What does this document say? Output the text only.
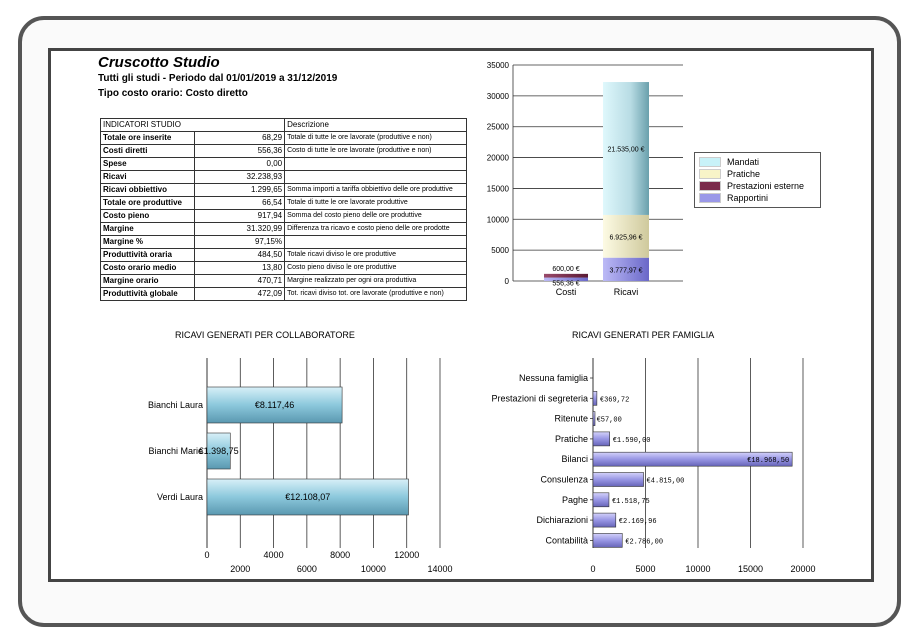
Cruscotto Studio
Tutti gli studi - Periodo dal 01/01/2019 a 31/12/2019
Tipo costo orario: Costo diretto
INDICATORI STUDIO		Descrizione
Totale ore inserite	68,29	Totale di tutte le ore lavorate (produttive e non)
Costi diretti	556,36	Costo di tutte le ore lavorate (produttive e non)
Spese	0,00	
Ricavi	32.238,93	
Ricavi obbiettivo	1.299,65	Somma importi a tariffa obbiettivo delle ore produttive
Totale ore produttive	66,54	Totale di tutte le ore lavorate produttive
Costo pieno	917,94	Somma del costo pieno delle ore produttive
Margine	31.320,99	Differenza tra ricavo e costo pieno delle ore prodotte
Margine %	97,15%	
Produttività oraria	484,50	Totale ricavi diviso le ore produttive
Costo orario medio	13,80	Costo pieno diviso le ore produttive
Margine orario	470,71	Margine realizzato per ogni ora produttiva
Produttività globale	472,09	Tot. ricavi diviso tot. ore lavorate (produttive e non)
RICAVI GENERATI PER COLLABORATORE	RICAVI GENERATI PER FAMIGLIA
Mandati
Pratiche
Prestazioni esterne
Rapportini
0
5000
10000
15000
20000
25000
30000
35000
556,36 €
600,00 €
Costi
3.777,97 €
6.925,96 €
21.535,00 €
Ricavi
0
2000
4000
6000
8000
10000
12000
14000
Bianchi Laura	€8.117,46
Bianchi Mario
€1.398,75
Verdi Laura	€12.108,07
0	5000	10000	15000	20000
Nessuna famiglia
Prestazioni di segreteria €369,72
Ritenute €57,00
Pratiche	€1.590,00
Bilanci	€18.968,50
Consulenza	€4.815,00
Paghe	€1.518,75
Dichiarazioni	€2.169,96
Contabilità	€2.786,00
